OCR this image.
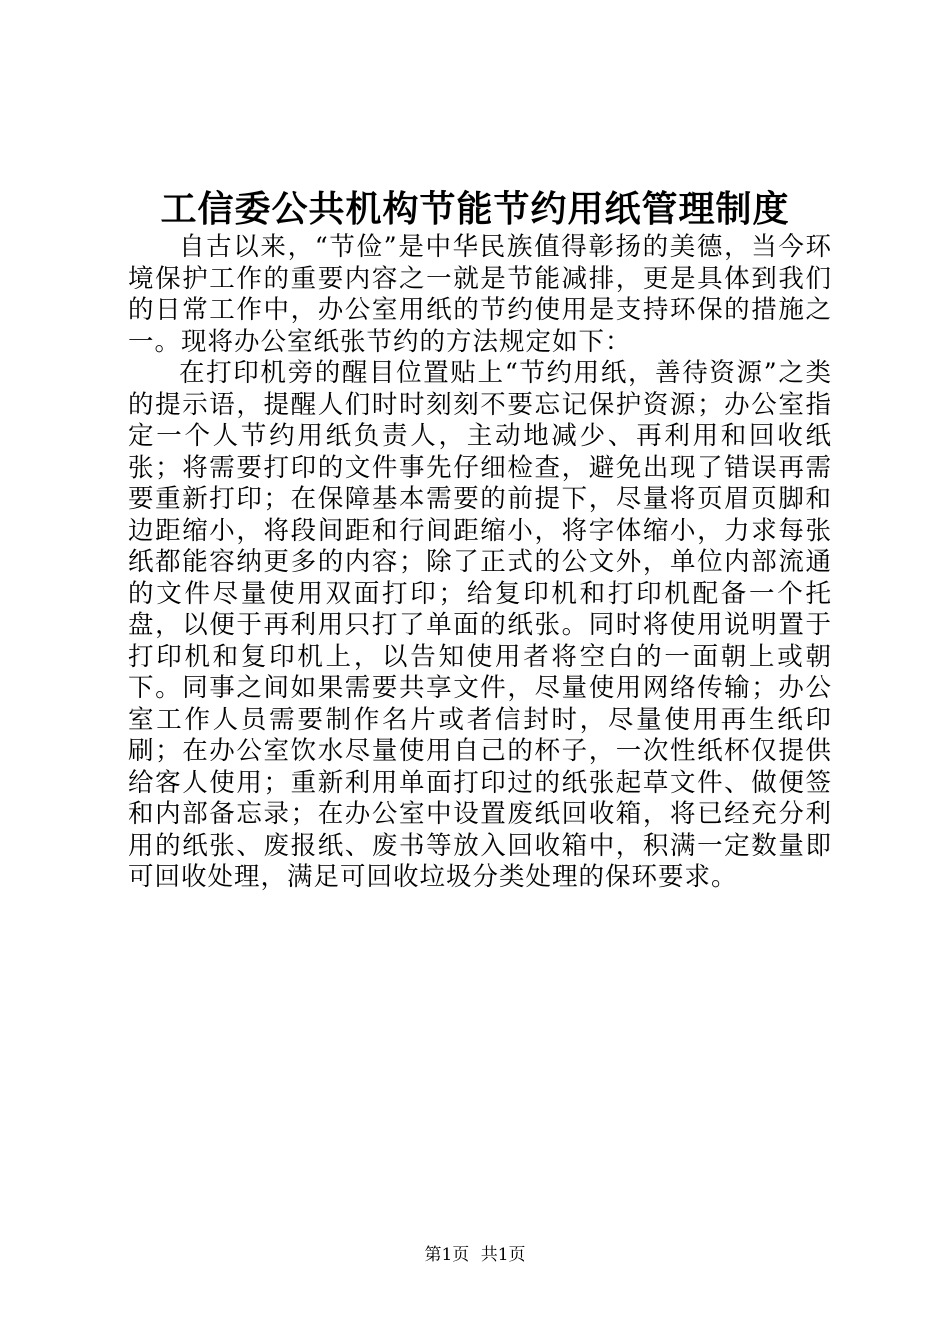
工信委公共机构节能节约用纸管理制度

自古以来，“节俭”是中华民族值得彰扬的美德，当今环境保护工作的重要内容之一就是节能减排，更是具体到我们的日常工作中，办公室用纸的节约使用是支持环保的措施之一。现将办公室纸张节约的方法规定如下：

在打印机旁的醒目位置贴上“节约用纸，善待资源”之类的提示语，提醒人们时时刻刻不要忘记保护资源；办公室指定一个人节约用纸负责人，主动地减少、再利用和回收纸张；将需要打印的文件事先仔细检查，避免出现了错误再需要重新打印；在保障基本需要的前提下，尽量将页眉页脚和边距缩小，将段间距和行间距缩小，将字体缩小，力求每张纸都能容纳更多的内容；除了正式的公文外，单位内部流通的文件尽量使用双面打印；给复印机和打印机配备一个托盘，以便于再利用只打了单面的纸张。同时将使用说明置于打印机和复印机上，以告知使用者将空白的一面朝上或朝下。同事之间如果需要共享文件，尽量使用网络传输；办公室工作人员需要制作名片或者信封时，尽量使用再生纸印刷；在办公室饮水尽量使用自己的杯子，一次性纸杯仅提供给客人使用；重新利用单面打印过的纸张起草文件、做便签和内部备忘录；在办公室中设置废纸回收箱，将已经充分利用的纸张、废报纸、废书等放入回收箱中，积满一定数量即可回收处理，满足可回收垃圾分类处理的保环要求。

第1页 共1页
